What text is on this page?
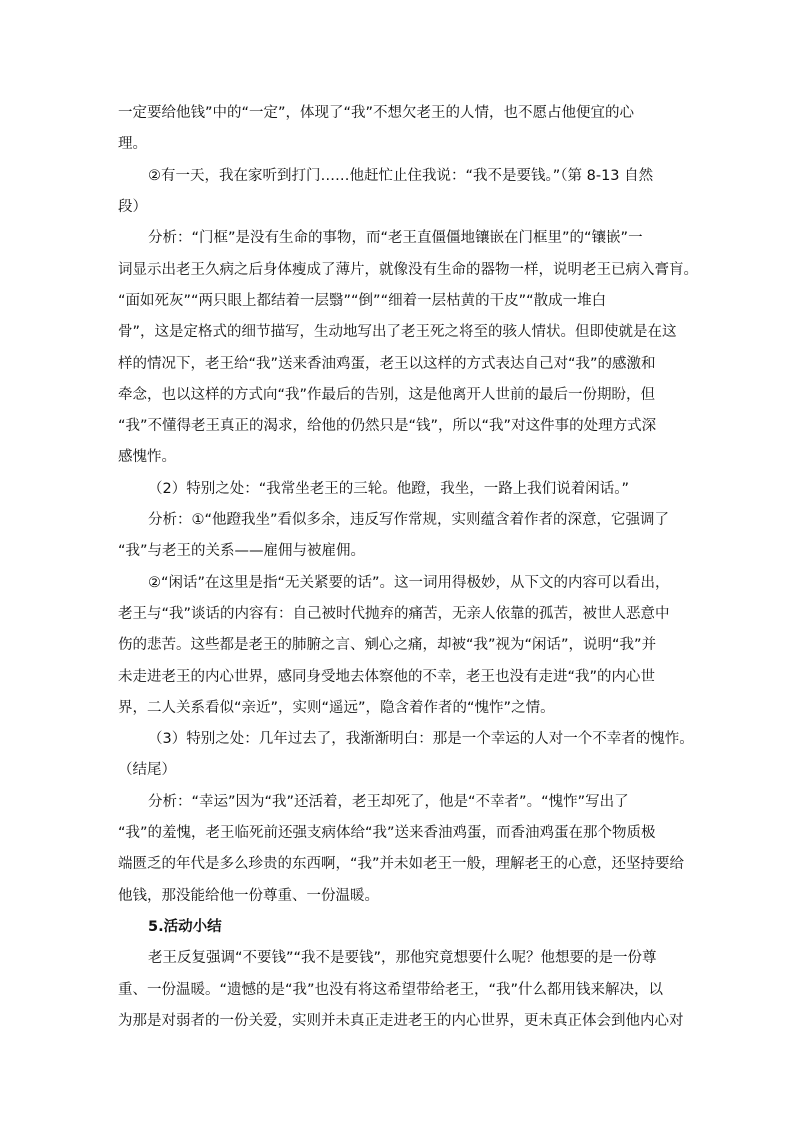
一定要给他钱”中的“一定”，体现了“我”不想欠老王的人情，也不愿占他便宜的心
理。
②有一天，我在家听到打门……他赶忙止住我说：“我不是要钱。”（第 8-13 自然
段）
分析：“门框”是没有生命的事物，而“老王直僵僵地镶嵌在门框里”的“镶嵌”一
词显示出老王久病之后身体瘦成了薄片，就像没有生命的器物一样，说明老王已病入膏肓。
“面如死灰”“两只眼上都结着一层翳”“倒”“细着一层枯黄的干皮”“散成一堆白
骨”，这是定格式的细节描写，生动地写出了老王死之将至的骇人情状。但即使就是在这
样的情况下，老王给“我”送来香油鸡蛋，老王以这样的方式表达自己对“我”的感激和
牵念，也以这样的方式向“我”作最后的告别，这是他离开人世前的最后一份期盼，但
“我”不懂得老王真正的渴求，给他的仍然只是“钱”，所以“我”对这件事的处理方式深
感愧怍。
（2）特别之处：“我常坐老王的三轮。他蹬，我坐，一路上我们说着闲话。”
分析：①“他蹬我坐”看似多余，违反写作常规，实则蕴含着作者的深意，它强调了
“我”与老王的关系——雇佣与被雇佣。
②“闲话”在这里是指“无关紧要的话”。这一词用得极妙，从下文的内容可以看出，
老王与“我”谈话的内容有：自己被时代抛弃的痛苦，无亲人依靠的孤苦，被世人恶意中
伤的悲苦。这些都是老王的肺腑之言、剜心之痛，却被“我”视为“闲话”，说明“我”并
未走进老王的内心世界，感同身受地去体察他的不幸，老王也没有走进“我”的内心世
界，二人关系看似“亲近”，实则“遥远”，隐含着作者的“愧怍”之情。
（3）特别之处：几年过去了，我渐渐明白：那是一个幸运的人对一个不幸者的愧怍。
（结尾）
分析：“幸运”因为“我”还活着，老王却死了，他是“不幸者”。“愧怍”写出了
“我”的羞愧，老王临死前还强支病体给“我”送来香油鸡蛋，而香油鸡蛋在那个物质极
端匮乏的年代是多么珍贵的东西啊，“我”并未如老王一般，理解老王的心意，还坚持要给
他钱，那没能给他一份尊重、一份温暖。
5.活动小结
老王反复强调“不要钱”“我不是要钱”，那他究竟想要什么呢？他想要的是一份尊
重、一份温暖。“遗憾的是“我”也没有将这希望带给老王，“我”什么都用钱来解决，以
为那是对弱者的一份关爱，实则并未真正走进老王的内心世界，更未真正体会到他内心对
